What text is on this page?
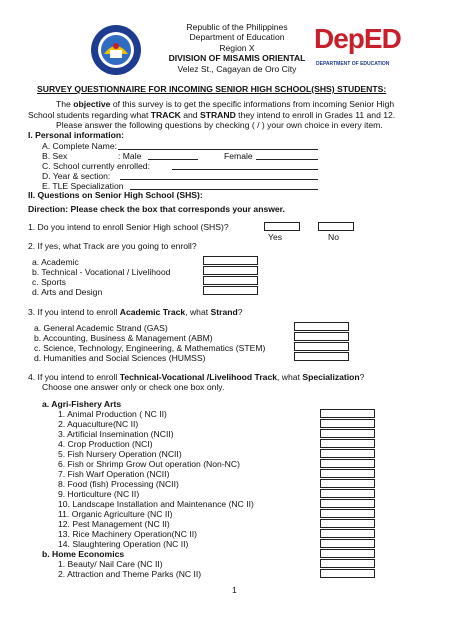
Republic of the Philippines
Department of Education
Region X
DIVISION OF MISAMIS ORIENTAL
Velez St., Cagayan de Oro City
DepED
DEPARTMENT OF EDUCATION
SURVEY QUESTIONNAIRE FOR INCOMING SENIOR HIGH SCHOOL(SHS) STUDENTS:
The objective of this survey is to get the specific informations from incoming Senior High
School students regarding what TRACK and STRAND they intend to enroll in Grades 11 and 12.
Please answer the following questions by checking ( / ) your own choice in every item.
I. Personal information:
A. Complete Name:
B. Sex	: Male	Female
C. School currently enrolled:
D. Year & section:
E. TLE Specialization
II. Questions on Senior High School (SHS):
Direction: Please check the box that corresponds your answer.
1. Do you intend to enroll Senior High school (SHS)?
Yes	No
2. If yes, what Track are you going to enroll?
a. Academic
b. Technical - Vocational / Livelihood
c. Sports
d. Arts and Design
3. If you intend to enroll Academic Track, what Strand?
a. General Academic Strand (GAS)
b. Accounting, Business & Management (ABM)
c. Science, Technology, Engineering, & Mathematics (STEM)
d. Humanities and Social Sciences (HUMSS)
4. If you intend to enroll Technical-Vocational /Livelihood Track, what Specialization?
Choose one answer only or check one box only.
a. Agri-Fishery Arts
1. Animal Production ( NC II)
2. Aquaculture(NC II)
3. Artificial Insemination (NCII)
4. Crop Production (NCI)
5. Fish Nursery Operation (NCII)
6. Fish or Shrimp Grow Out operation (Non-NC)
7. Fish Warf Operation (NCII)
8. Food (fish) Processing (NCII)
9. Horticulture (NC II)
10. Landscape Installation and Maintenance (NC II)
11. Organic Agriculture (NC II)
12. Pest Management (NC II)
13. Rice Machinery Operation(NC II)
14. Slaughtering Operation (NC II)
b. Home Economics
1. Beauty/ Nail Care (NC II)
2. Attraction and Theme Parks (NC II)
1
